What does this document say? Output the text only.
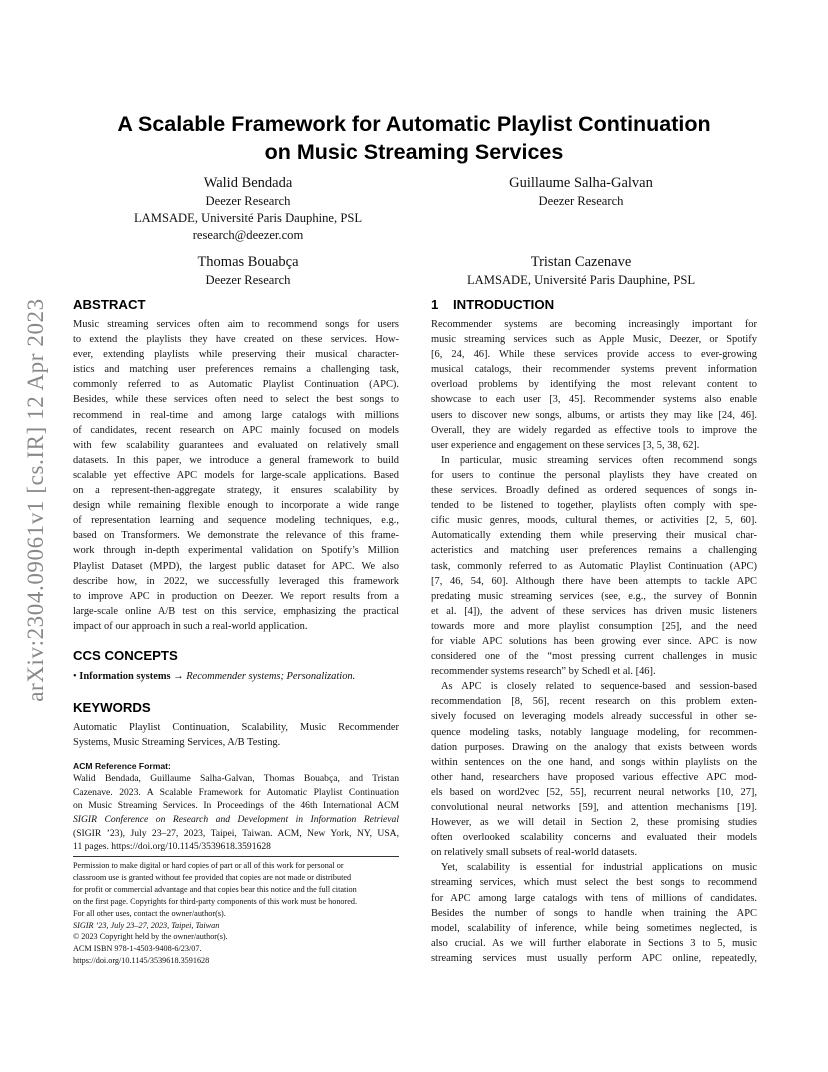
arXiv:2304.09061v1 [cs.IR] 12 Apr 2023
A Scalable Framework for Automatic Playlist Continuation
on Music Streaming Services
Walid Bendada
Deezer Research
LAMSADE, Université Paris Dauphine, PSL
research@deezer.com
Guillaume Salha-Galvan
Deezer Research
Thomas Bouabça
Deezer Research
Tristan Cazenave
LAMSADE, Université Paris Dauphine, PSL
ABSTRACT
Music streaming services often aim to recommend songs for users
to extend the playlists they have created on these services. How-
ever, extending playlists while preserving their musical character-
istics and matching user preferences remains a challenging task,
commonly referred to as Automatic Playlist Continuation (APC).
Besides, while these services often need to select the best songs to
recommend in real-time and among large catalogs with millions
of candidates, recent research on APC mainly focused on models
with few scalability guarantees and evaluated on relatively small
datasets. In this paper, we introduce a general framework to build
scalable yet effective APC models for large-scale applications. Based
on a represent-then-aggregate strategy, it ensures scalability by
design while remaining flexible enough to incorporate a wide range
of representation learning and sequence modeling techniques, e.g.,
based on Transformers. We demonstrate the relevance of this frame-
work through in-depth experimental validation on Spotify’s Million
Playlist Dataset (MPD), the largest public dataset for APC. We also
describe how, in 2022, we successfully leveraged this framework
to improve APC in production on Deezer. We report results from a
large-scale online A/B test on this service, emphasizing the practical
impact of our approach in such a real-world application.
CCS CONCEPTS
• Information systems → Recommender systems; Personalization.
KEYWORDS
Automatic Playlist Continuation, Scalability, Music Recommender
Systems, Music Streaming Services, A/B Testing.
ACM Reference Format:
Walid Bendada, Guillaume Salha-Galvan, Thomas Bouabça, and Tristan
Cazenave. 2023. A Scalable Framework for Automatic Playlist Continuation
on Music Streaming Services. In Proceedings of the 46th International ACM
SIGIR Conference on Research and Development in Information Retrieval
(SIGIR ’23), July 23–27, 2023, Taipei, Taiwan. ACM, New York, NY, USA,
11 pages. https://doi.org/10.1145/3539618.3591628
Permission to make digital or hard copies of part or all of this work for personal or
classroom use is granted without fee provided that copies are not made or distributed
for profit or commercial advantage and that copies bear this notice and the full citation
on the first page. Copyrights for third-party components of this work must be honored.
For all other uses, contact the owner/author(s).
SIGIR ’23, July 23–27, 2023, Taipei, Taiwan
© 2023 Copyright held by the owner/author(s).
ACM ISBN 978-1-4503-9408-6/23/07.
https://doi.org/10.1145/3539618.3591628
1 INTRODUCTION
Recommender systems are becoming increasingly important for
music streaming services such as Apple Music, Deezer, or Spotify
[6, 24, 46]. While these services provide access to ever-growing
musical catalogs, their recommender systems prevent information
overload problems by identifying the most relevant content to
showcase to each user [3, 45]. Recommender systems also enable
users to discover new songs, albums, or artists they may like [24, 46].
Overall, they are widely regarded as effective tools to improve the
user experience and engagement on these services [3, 5, 38, 62].
In particular, music streaming services often recommend songs
for users to continue the personal playlists they have created on
these services. Broadly defined as ordered sequences of songs in-
tended to be listened to together, playlists often comply with spe-
cific music genres, moods, cultural themes, or activities [2, 5, 60].
Automatically extending them while preserving their musical char-
acteristics and matching user preferences remains a challenging
task, commonly referred to as Automatic Playlist Continuation (APC)
[7, 46, 54, 60]. Although there have been attempts to tackle APC
predating music streaming services (see, e.g., the survey of Bonnin
et al. [4]), the advent of these services has driven music listeners
towards more and more playlist consumption [25], and the need
for viable APC solutions has been growing ever since. APC is now
considered one of the “most pressing current challenges in music
recommender systems research” by Schedl et al. [46].
As APC is closely related to sequence-based and session-based
recommendation [8, 56], recent research on this problem exten-
sively focused on leveraging models already successful in other se-
quence modeling tasks, notably language modeling, for recommen-
dation purposes. Drawing on the analogy that exists between words
within sentences on the one hand, and songs within playlists on the
other hand, researchers have proposed various effective APC mod-
els based on word2vec [52, 55], recurrent neural networks [10, 27],
convolutional neural networks [59], and attention mechanisms [19].
However, as we will detail in Section 2, these promising studies
often overlooked scalability concerns and evaluated their models
on relatively small subsets of real-world datasets.
Yet, scalability is essential for industrial applications on music
streaming services, which must select the best songs to recommend
for APC among large catalogs with tens of millions of candidates.
Besides the number of songs to handle when training the APC
model, scalability of inference, while being sometimes neglected, is
also crucial. As we will further elaborate in Sections 3 to 5, music
streaming services must usually perform APC online, repeatedly,
